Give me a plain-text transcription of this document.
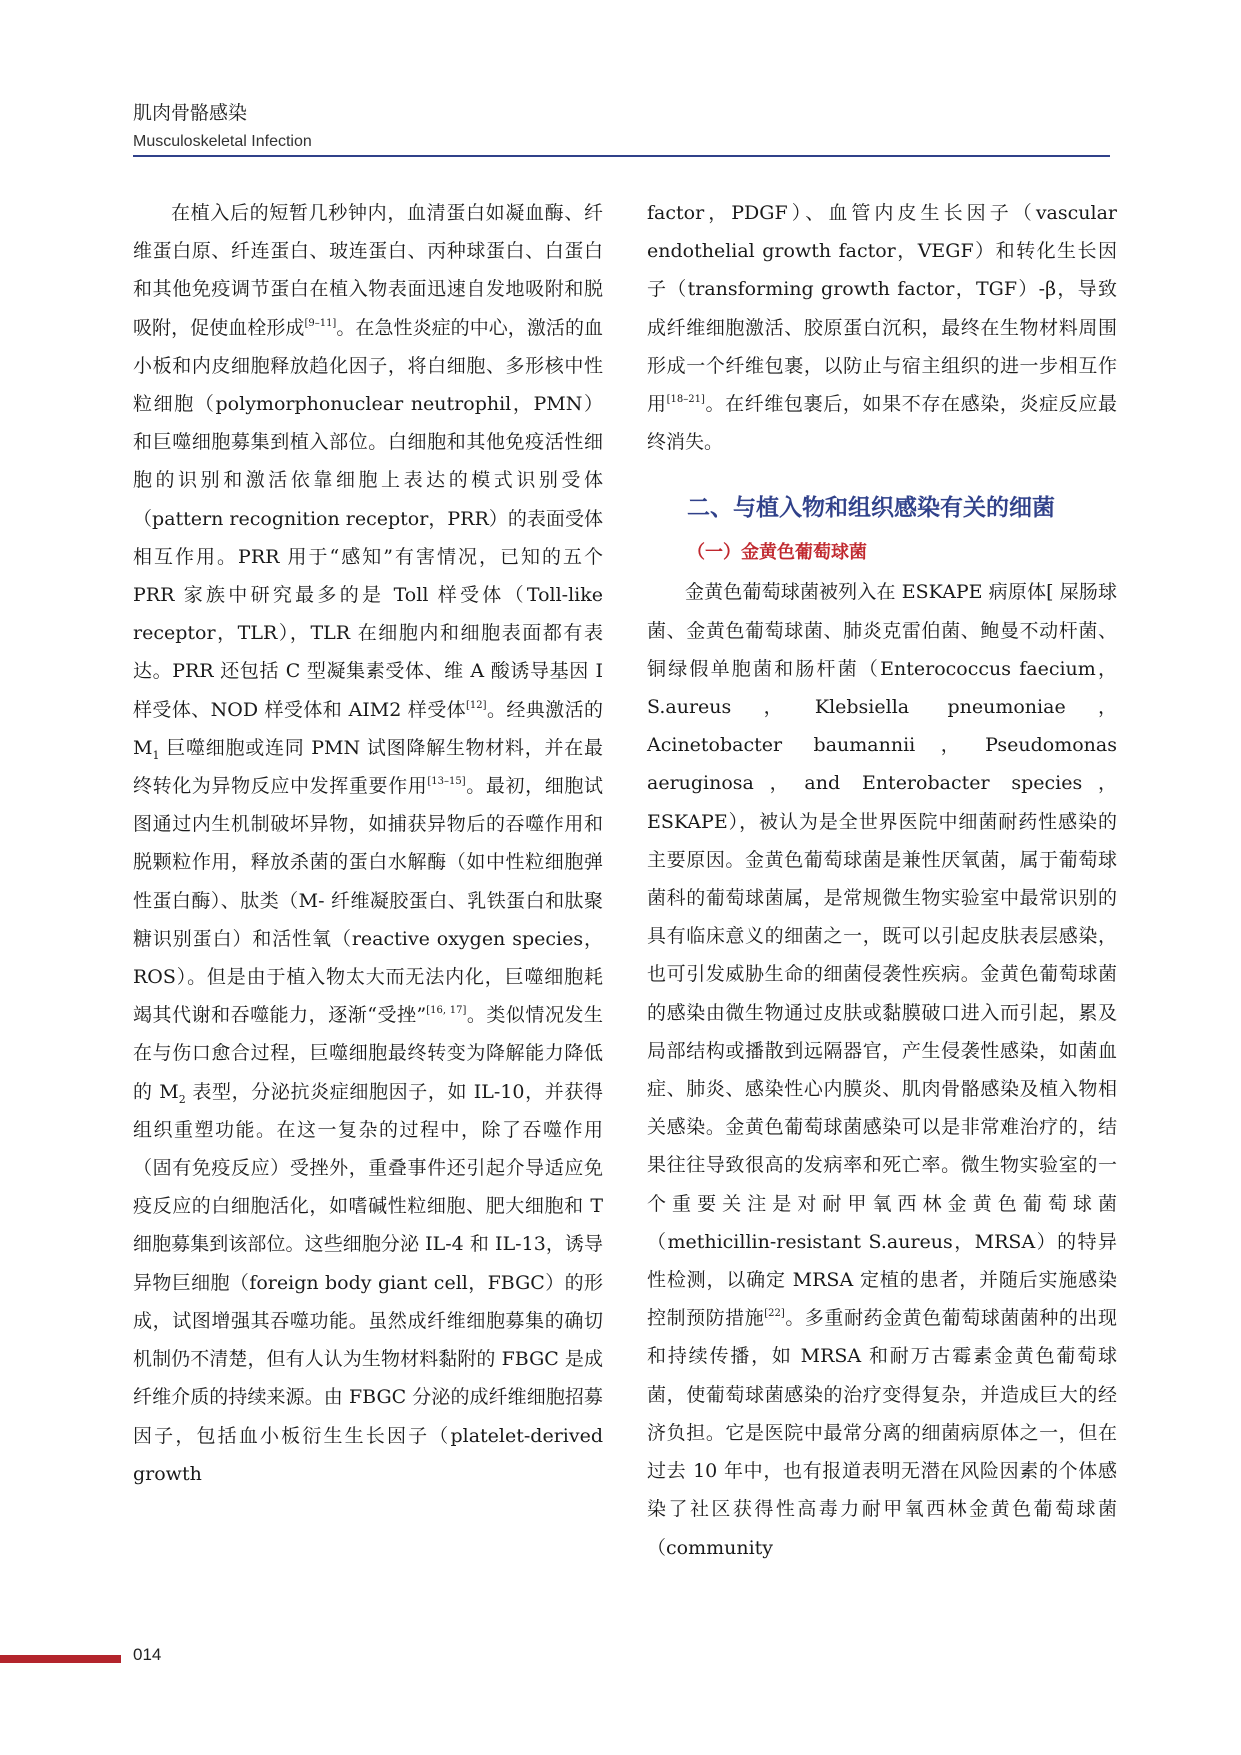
肌肉骨骼感染
Musculoskeletal Infection

在植入后的短暂几秒钟内，血清蛋白如凝血酶、纤维蛋白原、纤连蛋白、玻连蛋白、丙种球蛋白、白蛋白和其他免疫调节蛋白在植入物表面迅速自发地吸附和脱吸附，促使血栓形成[9–11]。在急性炎症的中心，激活的血小板和内皮细胞释放趋化因子，将白细胞、多形核中性粒细胞（polymorphonuclear neutrophil，PMN）和巨噬细胞募集到植入部位。白细胞和其他免疫活性细胞的识别和激活依靠细胞上表达的模式识别受体（pattern recognition receptor，PRR）的表面受体相互作用。PRR 用于“感知”有害情况，已知的五个 PRR 家族中研究最多的是 Toll 样受体（Toll-like receptor，TLR），TLR 在细胞内和细胞表面都有表达。PRR 还包括 C 型凝集素受体、维 A 酸诱导基因 I 样受体、NOD 样受体和 AIM2 样受体[12]。经典激活的 $M_1$ 巨噬细胞或连同 PMN 试图降解生物材料，并在最终转化为异物反应中发挥重要作用[13–15]。最初，细胞试图通过内生机制破坏异物，如捕获异物后的吞噬作用和脱颗粒作用，释放杀菌的蛋白水解酶（如中性粒细胞弹性蛋白酶）、肽类（M- 纤维凝胶蛋白、乳铁蛋白和肽聚糖识别蛋白）和活性氧（reactive oxygen species，ROS）。但是由于植入物太大而无法内化，巨噬细胞耗竭其代谢和吞噬能力，逐渐“受挫”[16, 17]。类似情况发生在与伤口愈合过程，巨噬细胞最终转变为降解能力降低的 $M_2$ 表型，分泌抗炎症细胞因子，如 IL-10，并获得组织重塑功能。在这一复杂的过程中，除了吞噬作用（固有免疫反应）受挫外，重叠事件还引起介导适应免疫反应的白细胞活化，如嗜碱性粒细胞、肥大细胞和 T 细胞募集到该部位。这些细胞分泌 IL-4 和 IL-13，诱导异物巨细胞（foreign body giant cell，FBGC）的形成，试图增强其吞噬功能。虽然成纤维细胞募集的确切机制仍不清楚，但有人认为生物材料黏附的 FBGC 是成纤维介质的持续来源。由 FBGC 分泌的成纤维细胞招募因子，包括血小板衍生生长因子（platelet-derived growth

factor，PDGF）、血管内皮生长因子（vascular endothelial growth factor，VEGF）和转化生长因子（transforming growth factor，TGF）-β，导致成纤维细胞激活、胶原蛋白沉积，最终在生物材料周围形成一个纤维包裹，以防止与宿主组织的进一步相互作用[18–21]。在纤维包裹后，如果不存在感染，炎症反应最终消失。

二、与植入物和组织感染有关的细菌

（一）金黄色葡萄球菌

金黄色葡萄球菌被列入在 ESKAPE 病原体[ 屎肠球菌、金黄色葡萄球菌、肺炎克雷伯菌、鲍曼不动杆菌、铜绿假单胞菌和肠杆菌（Enterococcus faecium，S.aureus，Klebsiella pneumoniae，Acinetobacter baumannii，Pseudomonas aeruginosa，and Enterobacter species，ESKAPE），被认为是全世界医院中细菌耐药性感染的主要原因。金黄色葡萄球菌是兼性厌氧菌，属于葡萄球菌科的葡萄球菌属，是常规微生物实验室中最常识别的具有临床意义的细菌之一，既可以引起皮肤表层感染，也可引发威胁生命的细菌侵袭性疾病。金黄色葡萄球菌的感染由微生物通过皮肤或黏膜破口进入而引起，累及局部结构或播散到远隔器官，产生侵袭性感染，如菌血症、肺炎、感染性心内膜炎、肌肉骨骼感染及植入物相关感染。金黄色葡萄球菌感染可以是非常难治疗的，结果往往导致很高的发病率和死亡率。微生物实验室的一个重要关注是对耐甲氧西林金黄色葡萄球菌（methicillin-resistant S.aureus，MRSA）的特异性检测，以确定 MRSA 定植的患者，并随后实施感染控制预防措施[22]。多重耐药金黄色葡萄球菌菌种的出现和持续传播，如 MRSA 和耐万古霉素金黄色葡萄球菌，使葡萄球菌感染的治疗变得复杂，并造成巨大的经济负担。它是医院中最常分离的细菌病原体之一，但在过去 10 年中，也有报道表明无潜在风险因素的个体感染了社区获得性高毒力耐甲氧西林金黄色葡萄球菌（community

014
